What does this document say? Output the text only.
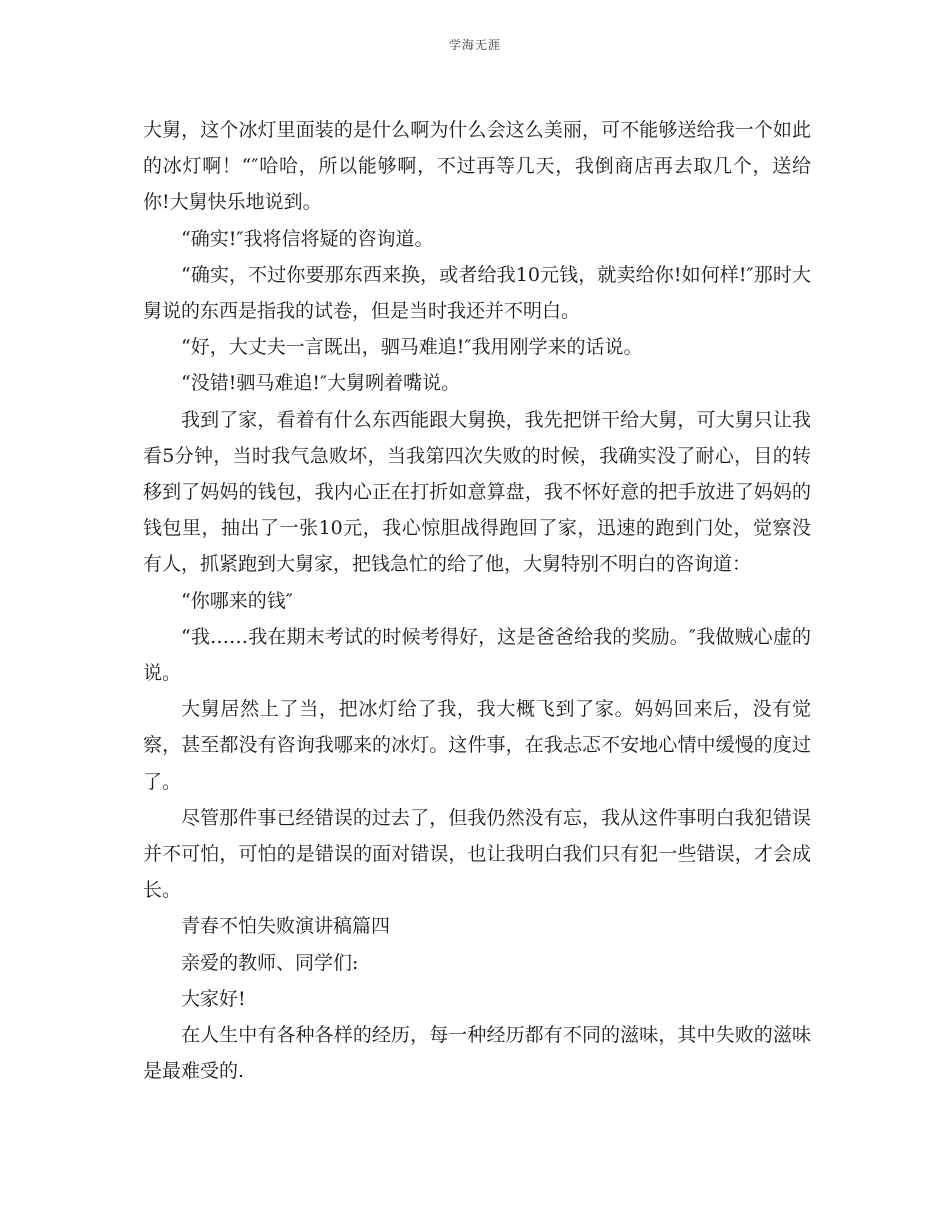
学海无涯

大舅，这个冰灯里面装的是什么啊为什么会这么美丽，可不能够送给我一个如此的冰灯啊！“″哈哈，所以能够啊，不过再等几天，我倒商店再去取几个，送给你!大舅快乐地说到。

“确实!″我将信将疑的咨询道。

“确实，不过你要那东西来换，或者给我10元钱，就卖给你!如何样!″那时大舅说的东西是指我的试卷，但是当时我还并不明白。

“好，大丈夫一言既出，驷马难追!″我用刚学来的话说。

“没错!驷马难追!″大舅咧着嘴说。

我到了家，看着有什么东西能跟大舅换，我先把饼干给大舅，可大舅只让我看5分钟，当时我气急败坏，当我第四次失败的时候，我确实没了耐心，目的转移到了妈妈的钱包，我内心正在打折如意算盘，我不怀好意的把手放进了妈妈的钱包里，抽出了一张10元，我心惊胆战得跑回了家，迅速的跑到门处，觉察没有人，抓紧跑到大舅家，把钱急忙的给了他，大舅特别不明白的咨询道：

“你哪来的钱″

“我……我在期末考试的时候考得好，这是爸爸给我的奖励。″我做贼心虚的说。

大舅居然上了当，把冰灯给了我，我大概飞到了家。妈妈回来后，没有觉察，甚至都没有咨询我哪来的冰灯。这件事，在我忐忑不安地心情中缓慢的度过了。

尽管那件事已经错误的过去了，但我仍然没有忘，我从这件事明白我犯错误并不可怕，可怕的是错误的面对错误，也让我明白我们只有犯一些错误，才会成长。

青春不怕失败演讲稿篇四

亲爱的教师、同学们:

大家好!

在人生中有各种各样的经历，每一种经历都有不同的滋味，其中失败的滋味是最难受的.
